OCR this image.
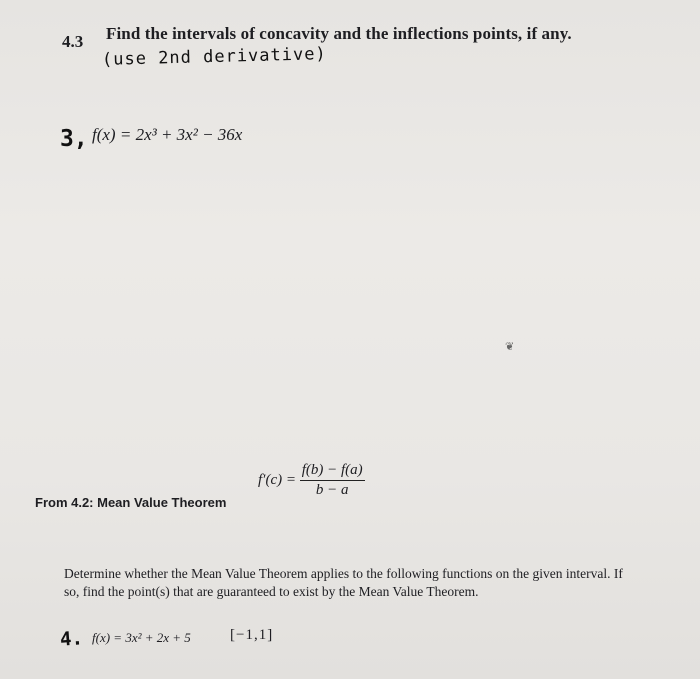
4.3 Find the intervals of concavity and the inflections points, if any.
(use 2nd derivative)
3, f(x) = 2x³ + 3x² − 36x
❦
From 4.2: Mean Value Theorem
$f'(c) = \frac{f(b) - f(a)}{b - a}$
Determine whether the Mean Value Theorem applies to the following functions on the given interval. If so, find the point(s) that are guaranteed to exist by the Mean Value Theorem.
4. f(x) = 3x² + 2x + 5	[−1,1]
